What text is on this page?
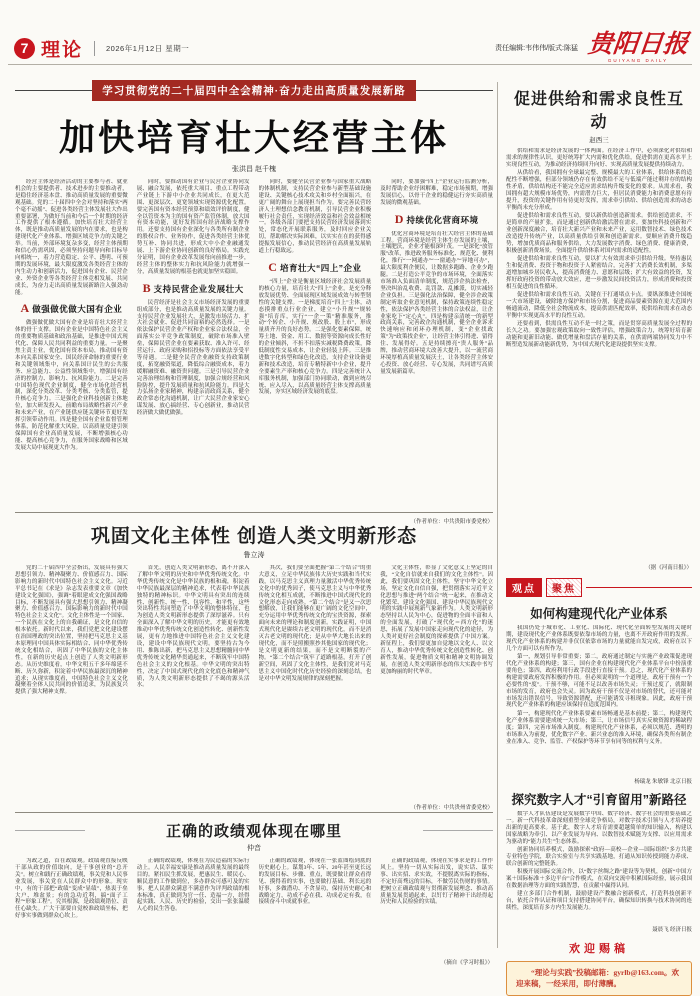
7 理论	2026年1月12日 星期一	责任编辑:韦伟伟/版式:陈猛 贵阳日报
GUIYANG DAILY
学习贯彻党的二十届四中全会精神·奋力走出高质量发展新路
加快培育壮大经营主体
张洪昌 赵千槐

经营主体是经济活动的主要参与者、就业机会的主要提供者、技术进步的主要推动者，是稳住经济基本盘、推动高质量发展的重要微观基础。党的二十届四中全会对坚持和落实“两个毫不动摇”、促进各类经营主体发展壮大作出重要部署，为做好当前和今后一个时期的经济工作提供了根本遵循。加快培育壮大经营主体，既是推动高质量发展的内在要求，也是构建现代化产业体系、增强区域竞争力的关键之举。当前，外部环境复杂多变，经营主体预期和信心仍需巩固，必须坚持问题导向和目标导向相统一，着力营造稳定、公平、透明、可预期的发展环境，最大限度激发各类经营主体的内生动力和创新活力，促进国有企业、民营企业、外资企业等各类经营主体竞相发展、共同成长，为奋力走出高质量发展新路注入强劲动能。

A 做强做优做大国有企业

做强做优做大国有企业是培育壮大经营主体的骨干支撑。国有企业是中国特色社会主义的重要物质基础和政治基础，是推进中国式现代化、保障人民共同利益的重要力量。一是聚焦主责主业，优化国有资本布局，推动国有资本向关系国家安全、国民经济命脉的重要行业和关键领域集中，向关系国计民生的公共服务、应急能力、公益性领域集中，增强国有经济的控制力、影响力、抗风险能力。二是完善中国特色现代企业制度，健全市场化经营机制，深化分类改革、分类考核、分类监管，提升核心竞争力。三是强化企业科技创新主体地位，加大研发投入，前瞻布局战略性新兴产业和未来产业，在产业链供应链关键环节更好发挥引领带动作用。四是健全国有企业监督管理体系，防范化解重大风险，以高质量党建引领保障国有企业高质量发展，不断增强核心功能、提高核心竞争力，在服务国家战略和区域发展大局中展现更大作为。

同时，要推动国有企业与民营企业协同发展、融合发展，依托重大项目、重点工程带动产业链上下游中小企业共同成长，在更大范围、更深层次、更宽领域实现资源优化配置。要完善国有资本经营预算和绩效评价制度，健全以管资本为主的国有资产监管体制，放大国有资本功能，更好发挥国有经济战略支撑作用。还要支持国有企业深化与各类所有制企业的股权合作、业务协作，促进各类经营主体优势互补、协同共进，形成大中小企业融通发展、上下游企业协同创新的良好格局。实践充分证明，国有企业改革发展每向前推进一步，经营主体的整体实力和抗风险能力就增强一分，高质量发展的根基也就更加坚实稳固。

B 支持民营企业发展壮大

民营经济是社会主义市场经济发展的重要组成部分，也是推动高质量发展的关键力量。支持民营企业发展壮大，是激发市场活力、扩大社会就业、促进共同富裕的必然选择。一是依法保护民营企业产权和企业家合法权益，全面落实公平竞争政策制度，破除市场准入壁垒，保障民营企业在要素获取、准入许可、经营运行、政府采购和招投标等方面依法享受平等待遇。二是健全民营企业融资支持政策制度，拓宽融资渠道，降低综合融资成本，着力缓解融资难、融资贵问题。三是引导民营企业完善治理结构和管理制度，加强合规经营和风险防控，提升发展质量和抗风险能力。四是大力弘扬企业家精神，构建亲清政商关系，健全政企常态化沟通机制，让广大民营企业家安心谋发展、放心搞经营、专心创新业，推动民营经济做大做优做强。

同时，要健全民营企业参与国家重大战略的体制机制，支持民营企业参与新型基础设施建设、关键核心技术攻关和乡村全面振兴，在更广阔的舞台上展现担当作为。要完善民营经济人士理想信念教育机制，引导民营企业积极履行社会责任，实现经济效益和社会效益相统一。各级各部门要把支持民营经济发展落到实处，常态化开展联系服务，及时回应企业关切，帮助解决实际困难，以实实在在的获得感提振发展信心，推动民营经济在高质量发展轨道上行稳致远。

C 培育壮大“四上”企业

“四上”企业是衡量区域经济社会发展质量的核心力量，培育壮大“四上”企业，是充分释放发展优势、全面展现区域发展成效与转型韧性的关键支撑。一是梯度培育“四上”主体，动态摸排重点行业企业，建立“小升规”“规转强”培育库，实行“一企一策”精准服务，推动“个转企、小升规、规改股、股上市”，形成量质齐升的良好态势。二是强化要素保障，统筹土地、资金、用工、数据等资源向成长性好的企业倾斜，不折不扣落实减税降费政策，降低制度性交易成本，让企业轻装上阵。三是推进数字化转型和绿色化改造，支持企业设备更新和技术改造，培育专精特新中小企业，提升全要素生产率和核心竞争力。四是完善统计入库服务机制，加强部门协同联动，做到应统尽统、应入尽入，以高质量经营主体支撑高质量发展，夯实区域经济发展的底盘。

同时，要加强“四上”企业运行监测分析，及时帮助企业纾困解难，稳定市场预期，增强发展信心，以骨干企业的稳健运行夯实高质量发展的微观基础。

D 持续优化营商环境

优化营商环境是培育壮大经营主体的基础工程。营商环境是经营主体生存发展的土壤，土壤肥沃，企业才能根深叶茂。一是深化“放管服”改革，推进政务服务标准化、规范化、便利化，推行“一网通办”“一窗通办”“异地可办”，最大限度利企便民，让数据多跑路、企业少跑腿。二是打造公平竞争的市场环境，全面落实市场准入负面清单制度，规范涉企执法检查，坚决纠治乱收费、乱罚款、乱摊派，切实减轻企业负担。三是强化法治保障，健全涉企政策制定听取企业意见机制，保持政策连续性稳定性，依法保护各类经营主体的合法权益，让企业家吃下“定心丸”。四是构建亲清统一的新型政商关系，完善政企沟通机制，健全企业诉求快速响应和闭环办理机制，变“企业找政策”为“政策找企业”，让经营主体引得进、留得住、发展得好。五是持续擦亮“贵人服务”品牌，推动营商环境大改善大提升，以一流营商环境厚植高质量发展沃土，让各类经营主体安心投资、放心经营、专心发展，共同谱写高质量发展新篇章。

（作者单位：中共贵阳市委党校）

巩固文化主体性 创造人类文明新形态
鲁立涛

党的二十届四中全会指出，发展具有强大思想引领力、精神凝聚力、价值感召力、国际影响力的新时代中国特色社会主义文化。习近平总书记在《求是》杂志发表重要文章《加快建设文化强国》，强调“着眼建成文化强国战略目标，不断发展具有强大思想引领力、精神凝聚力、价值感召力、国际影响力的新时代中国特色社会主义文化”。文化主体性是一个国家、一个民族在文化上的自我确证，是文化自信的根本依托。新时代以来，我们党把文化建设摆在治国理政的突出位置，坚持把马克思主义基本原理同中国具体实际相结合、同中华优秀传统文化相结合，巩固了中华民族的文化主体性，在新的历史起点上创造了人类文明新形态。从历史维度看，中华文明五千多年绵延不断、历久弥新，积淀着中华民族最深沉的精神追求；从现实维度看，中国特色社会主义文化凝聚着全体人民共同的价值追求，为民族复兴提供了强大精神支撑。

首先，创造人类文明新形态，离不开深入了解中华文明的历史和中华优秀传统文化。中华优秀传统文化是中华民族的根和魂，积淀着中华民族最深层的精神追求，代表着中华民族独特的精神标识。中华文明具有突出的连续性、创新性、统一性、包容性、和平性，这些突出特性共同塑造了中华文明的整体特征，也为创造人类文明新形态提供了深厚滋养。只有全面深入了解中华文明的历史，才能更有效地推动中华优秀传统文化创造性转化、创新性发展，更有力地推进中国特色社会主义文化建设，建设中华民族现代文明。要坚持古为今用、推陈出新，把马克思主义思想精髓同中华优秀传统文化精华贯通起来，不断筑牢中国特色社会主义的文化根基。中华文明的突出特性，决定了中国式现代化的文化底色和精神气质，为人类文明新形态提供了不竭的源头活水。

其次，我们要全面把握“第二个结合”的重大意义，立足中华民族伟大历史实践和当代实践，以马克思主义真理力量激活中华优秀传统文化中的优秀因子，使马克思主义与中华优秀传统文化相互成就，不断推进中国式现代化的文化形态走向成熟。“第二个结合”是又一次思想解放，让我们能够在更广阔的文化空间中，充分运用中华优秀传统文化的宝贵资源，探索面向未来的理论和制度创新。实践证明，中国式现代化是赓续古老文明的现代化，而不是消灭古老文明的现代化；是从中华大地长出来的现代化，而不是照搬照抄其他国家的现代化；是文明更新的结果，而不是文明断裂的产物。“第二个结合”筑牢了道路根基，打开了创新空间，巩固了文化主体性，是我们党对马克思主义中国化时代化历史经验的深刻总结，也是对中华文明发展规律的深刻把握。

文化主体性，彰显了文化意义上坚定的自我，“文化自信就来自我们的文化主体性”。因此，我们要巩固文化主体性，坚守中华文化立场，坚定文化自信自强，把贯彻落实习近平文化思想与推进“两个结合”统一起来，在推动文化繁荣、建设文化强国、建设中华民族现代文明的实践中展现新气象新作为。人类文明新形态坚持以人民为中心，促进物的全面丰富和人的全面发展，打破了“现代化＝西方化”的迷思，拓展了发展中国家走向现代化的途径，为人类对更好社会制度的探索提供了中国方案。新征程上，我们要更加自觉地以文化人、以文育人，推动中华优秀传统文化创造性转化、创新性发展，促进物质文明和精神文明协调发展，在创造人类文明新形态的伟大实践中书写更加绚丽的时代华章。

（作者单位：中共贵州省委党校）

正确的政绩观体现在哪里
仲音

为政之道，首在政绩观。政绩观直接反映干部从政的价值取向，是干事创业的“总开关”。树立和践行正确政绩观，事关党和人民事业发展，事关党在人民群众中的形象。现实中，有的干部把“政绩”变成“显绩”，热衷于垒大户、堆盆景；有的急功近利，搞“面子工程”“形象工程”。究其根源，是政绩观错位、责任心缺失。广大干部要自觉校准政绩坐标，把好事实事做到群众心坎上。

正确的政绩观，体现在为民造福的实际行动上。人民幸福安康是推动高质量发展的最终目的。紧扣民生抓发展，把惠民生、暖民心、顺民意的工作做到位，多办群众可感可及的实事，把人民群众满意不满意作为评判政绩的根本标准，真正做到为官一任、造福一方，经得起实践、人民、历史的检验，交出一张张温暖人心的民生答卷。

正确的政绩观，体现在一张蓝图绘到底的历史耐心上。谋划3年、5年、20年甚至更长远的发展目标、步骤、重点，既要做让群众看得见、摸得着的实事，也要做打基础、利长远的好事，多做潜功、不贪显功，保持历史耐心和战略定力，功成不必在我、功成必定有我，在接续奋斗中成就事业。

正确的政绩观，体现在实事求是的工作作风上。坚持一切从实际出发，说实话、谋实事、出实招、求实效，不提脱离实际的指标，不定好高骛远的目标，不做劳民伤财的事情。把树立正确政绩观与贯彻新发展理念、推动高质量发展贯通起来，以钉钉子精神干出经得起历史和人民检验的实绩。

（摘自《学习时报》）

促进供给和需求良性互动
赵西三

供给和需求是经济发展的一体两面。在经济工作中，必须深化对供给和需求的规律性认识，更好统筹扩大内需和优化供给，促进供需在更高水平上实现良性互动，为推动经济持续回升向好、实现高质量发展提供持续动力。

从供给看，我国拥有全球最完整、规模最大的工业体系，供给体系的适配性不断增强，但部分领域仍存在有效供给不足与低端产能过剩并存的结构性矛盾，供给结构还不能完全适应需求结构升级变化的要求。从需求看，我国拥有超大规模市场优势，内需潜力巨大，但居民消费能力和消费意愿有待提升，投资的关键作用有待更好发挥，需求牵引供给、供给创造需求的动态平衡尚未充分形成。

促进供给和需求良性互动，要以新供给创造新需求。供给创造需求，不是简单的产量扩张，而是通过创新供给激活潜在需求。要加快科技创新和产业创新深度融合，培育壮大新兴产业和未来产业，运用数智技术、绿色技术改造提升传统产业，以高质量供给引领和创造新需求。要顺应消费升级趋势，增加优质商品和服务供给，大力发展数字消费、绿色消费、健康消费，积极创新消费场景，全面提升供给体系对国内需求的适配性。

促进供给和需求良性互动，要以扩大有效需求牵引供给升级。坚持惠民生和促消费、投资于物和投资于人紧密结合，完善扩大消费长效机制，多渠道增加城乡居民收入，提高消费能力、意愿和层级；扩大有效益的投资，发挥好政府投资的带动放大效应，进一步激发民间投资活力，形成消费和投资相互促进的良性循环。

促进供给和需求良性互动，关键在于打通堵点卡点。要纵深推进全国统一大市场建设，破除地方保护和市场分割，促进商品要素资源在更大范围内畅通流动，降低全社会物流成本，提高供需匹配效率，使供给和需求在动态平衡中实现更高水平的良性互动。

还要看到，供需良性互动不是一时之策，而是贯穿高质量发展全过程的长久之功。要加强宏观政策取向一致性评估，增强政策合力，统筹好培育新动能和更新旧动能、做优增量和盘活存量的关系，在供需两端协同发力中不断塑造发展新动能新优势，为中国式现代化建设提供坚实支撑。

（据《河南日报》）

观点	聚焦
如何构建现代化产业体系

我国仍处于城市化、工业化、国际化、现代化全面转型发展的关键时期，建设现代化产业体系既要依靠市场的力量，也离不开政府作用的发挥。现代化产业体系的构建并非仅仅依靠市场的力量就能自发完成，政府在以下几个方面可以有所作为。

第一，规划引导非常重要；第二，政府通过制定与实施产业政策促进现代化产业体系的构建；第三，国有企业在构建现代化产业体系平台中扮演重要角色；第四，政府利用行政手段进行直接干预。总之，现代化产业体系的构建需要政府发挥积极的作用。但必须说明的一个道理是，政府干预有一个必要性的“度”。干预不够，可能不足以改善市场失灵；干预过度了，就限制市场的发育，政府也会失灵。因为政府干预不仅是对市场的替代，还可能对市场发出错误信号，导致资源错配，还可能诱发寻租现象。因此，政府干预现代化产业体系的构建应该保持在适度范围内。

第一，构建现代化产业体系要素市场畅通是基本前提；第二，构建现代化产业体系需要建成统一大市场；第三，让市场信号真实反映资源的稀缺程度；第四，完善市场准入制度。构建现代化产业体系，必须以规范、透明的市场准入为前提，优化数字产业、新兴业态的准入环境，确保各类所有制企业在准入、竞争、监管、产权保护等环节享有同等的权利与义务。

杨瑞龙 朱敏锋 北京日报

探究数字人才“引育留用”新路径

数字人才队伍建设是发展数字中国、数字经济、数字社会的重要基础之一。新一代科技革命深刻重塑全球竞争格局，对数字技术引领与人才培养提出新的更高要求。基于此，数字人才培育需要超越简单的知识输入，构建以国家战略为牵引、以产业发展为导向、以数智技术赋能为支撑、以应用需求为驱动的“能力共生”生态体系。

创新协同培养模式，鼓励探索“政府—高校—企业—国际组织”多方共建专业特色学院，联合实验室与共享实践基地，打通从知识传授到能力养成、联合创新的完整链条。

积极开展国际交流合作，以“数字丝绸之路”建设等为契机，创新“中国方案＋国际标准＋多边平台”合作模式，在双向交流中积累国际经验，展示我国在数据治理等方面的实践智慧，在贡献中赢得认同。

建立多部门合作机制，鼓励建设产教融合创新模式，打造科技创新平台，依托合作认证和项目支持搭建协同平台，确保知识转换与技术协同的连续性，深度培育多方内生发展能力。

聂晨飞 经济日报

欢迎赐稿

“理论与实践”投稿邮箱：gyrlb@163.com。欢迎来稿，一经采用，即付薄酬。
